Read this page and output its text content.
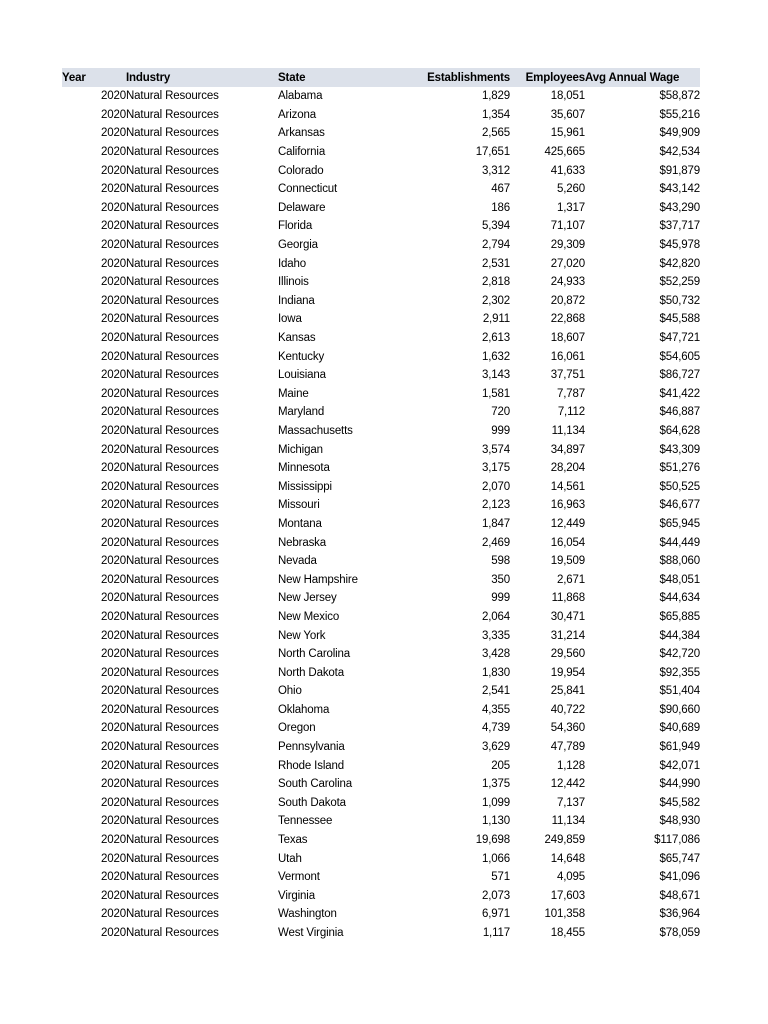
Year	Industry	State	Establishments	Employees	Avg Annual Wage
2020	Natural Resources	Alabama	1,829	18,051	$58,872
2020	Natural Resources	Arizona	1,354	35,607	$55,216
2020	Natural Resources	Arkansas	2,565	15,961	$49,909
2020	Natural Resources	California	17,651	425,665	$42,534
2020	Natural Resources	Colorado	3,312	41,633	$91,879
2020	Natural Resources	Connecticut	467	5,260	$43,142
2020	Natural Resources	Delaware	186	1,317	$43,290
2020	Natural Resources	Florida	5,394	71,107	$37,717
2020	Natural Resources	Georgia	2,794	29,309	$45,978
2020	Natural Resources	Idaho	2,531	27,020	$42,820
2020	Natural Resources	Illinois	2,818	24,933	$52,259
2020	Natural Resources	Indiana	2,302	20,872	$50,732
2020	Natural Resources	Iowa	2,911	22,868	$45,588
2020	Natural Resources	Kansas	2,613	18,607	$47,721
2020	Natural Resources	Kentucky	1,632	16,061	$54,605
2020	Natural Resources	Louisiana	3,143	37,751	$86,727
2020	Natural Resources	Maine	1,581	7,787	$41,422
2020	Natural Resources	Maryland	720	7,112	$46,887
2020	Natural Resources	Massachusetts	999	11,134	$64,628
2020	Natural Resources	Michigan	3,574	34,897	$43,309
2020	Natural Resources	Minnesota	3,175	28,204	$51,276
2020	Natural Resources	Mississippi	2,070	14,561	$50,525
2020	Natural Resources	Missouri	2,123	16,963	$46,677
2020	Natural Resources	Montana	1,847	12,449	$65,945
2020	Natural Resources	Nebraska	2,469	16,054	$44,449
2020	Natural Resources	Nevada	598	19,509	$88,060
2020	Natural Resources	New Hampshire	350	2,671	$48,051
2020	Natural Resources	New Jersey	999	11,868	$44,634
2020	Natural Resources	New Mexico	2,064	30,471	$65,885
2020	Natural Resources	New York	3,335	31,214	$44,384
2020	Natural Resources	North Carolina	3,428	29,560	$42,720
2020	Natural Resources	North Dakota	1,830	19,954	$92,355
2020	Natural Resources	Ohio	2,541	25,841	$51,404
2020	Natural Resources	Oklahoma	4,355	40,722	$90,660
2020	Natural Resources	Oregon	4,739	54,360	$40,689
2020	Natural Resources	Pennsylvania	3,629	47,789	$61,949
2020	Natural Resources	Rhode Island	205	1,128	$42,071
2020	Natural Resources	South Carolina	1,375	12,442	$44,990
2020	Natural Resources	South Dakota	1,099	7,137	$45,582
2020	Natural Resources	Tennessee	1,130	11,134	$48,930
2020	Natural Resources	Texas	19,698	249,859	$117,086
2020	Natural Resources	Utah	1,066	14,648	$65,747
2020	Natural Resources	Vermont	571	4,095	$41,096
2020	Natural Resources	Virginia	2,073	17,603	$48,671
2020	Natural Resources	Washington	6,971	101,358	$36,964
2020	Natural Resources	West Virginia	1,117	18,455	$78,059
